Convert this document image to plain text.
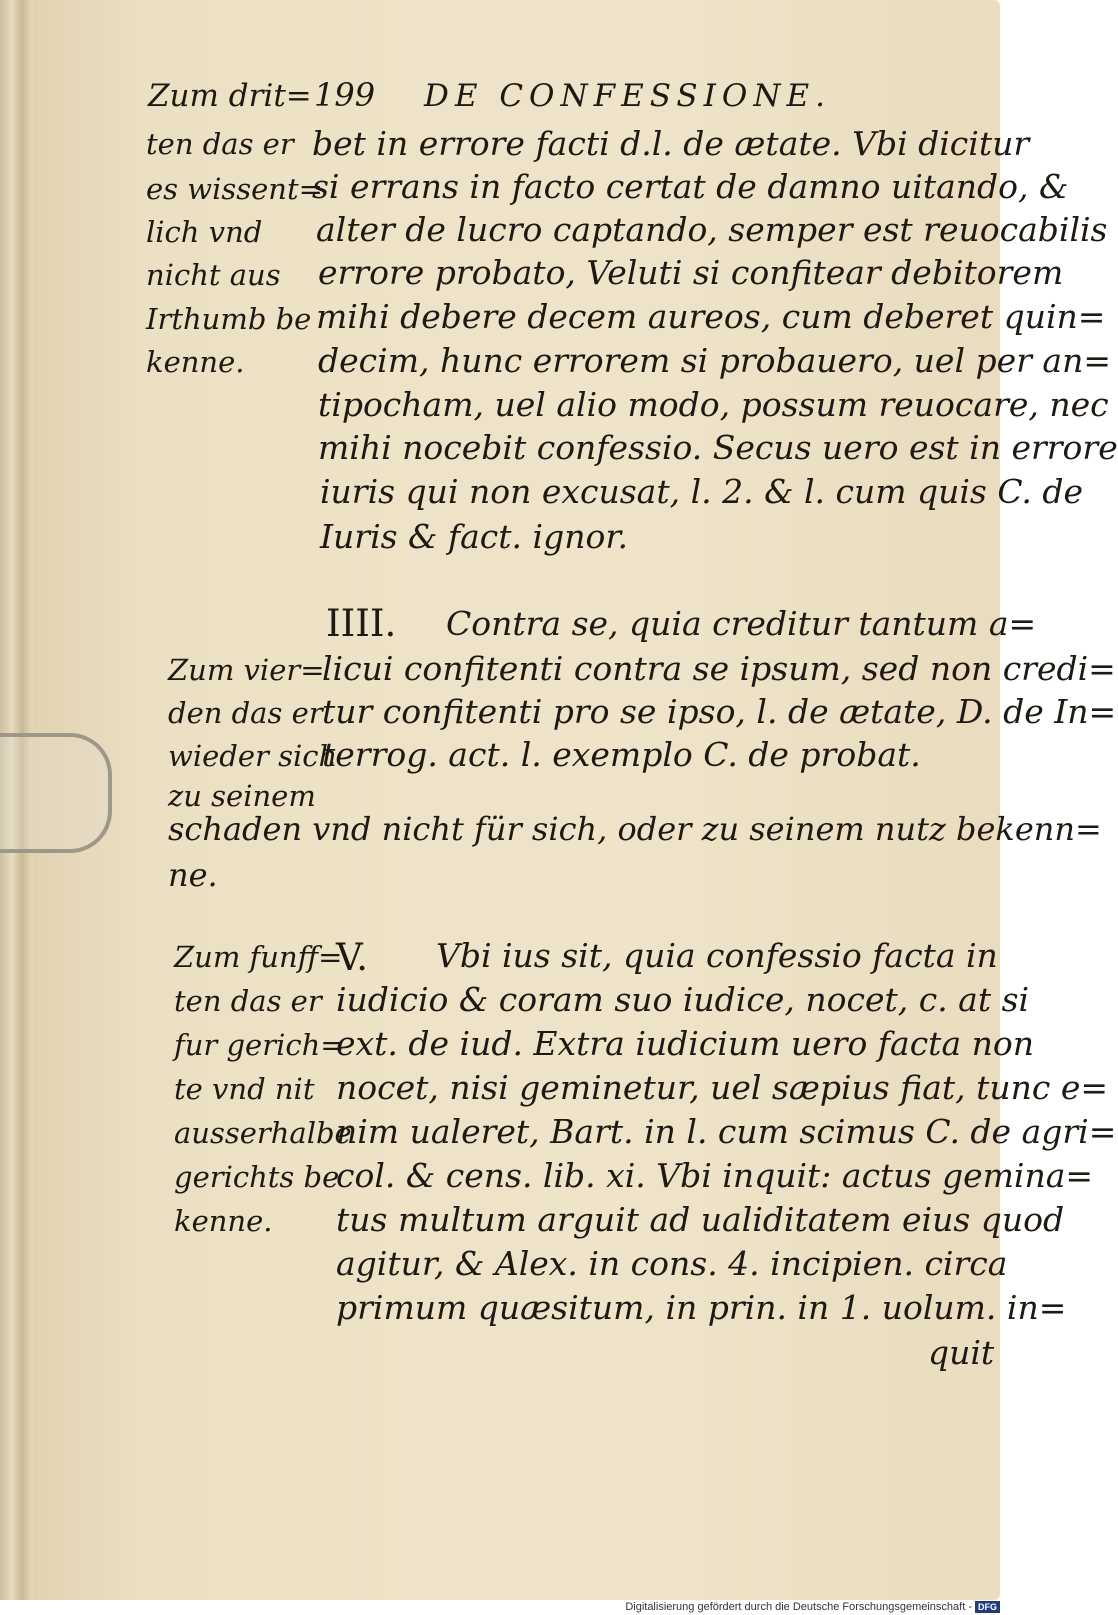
Zum drit= 199 DE CONFESSIONE.
ten das er
es wissent=
lich vnd
nicht aus
Irthumb be
kenne.
bet in errore facti d.l. de ætate. Vbi dicitur
si errans in facto certat de damno uitando, &
alter de lucro captando, semper est reuocabilis
errore probato, Veluti si confitear debitorem
mihi debere decem aureos, cum deberet quin=
decim, hunc errorem si probauero, uel per an=
tipocham, uel alio modo, possum reuocare, nec
mihi nocebit confessio. Secus uero est in errore
iuris qui non excusat, l. 2. & l. cum quis C. de
Iuris & fact. ignor.
IIII. Contra se, quia creditur tantum a=
licui confitenti contra se ipsum, sed non credi=
tur confitenti pro se ipso, l. de ætate, D. de In=
terrog. act. l. exemplo C. de probat.
Zum vier=
den das er
wieder sich
zu seinem
schaden vnd nicht für sich, oder zu seinem nutz bekenn=
ne.
V. Vbi ius sit, quia confessio facta in
iudicio & coram suo iudice, nocet, c. at si
ext. de iud. Extra iudicium uero facta non
nocet, nisi geminetur, uel sæpius fiat, tunc e=
nim ualeret, Bart. in l. cum scimus C. de agri=
col. & cens. lib. xi. Vbi inquit: actus gemina=
tus multum arguit ad ualiditatem eius quod
agitur, & Alex. in cons. 4. incipien. circa
primum quæsitum, in prin. in 1. uolum. in=
quit
Zum funff=
ten das er
fur gerich=
te vnd nit
ausserhalbe
gerichts be
kenne.
Digitalisierung gefördert durch die Deutsche Forschungsgemeinschaft - DFG
